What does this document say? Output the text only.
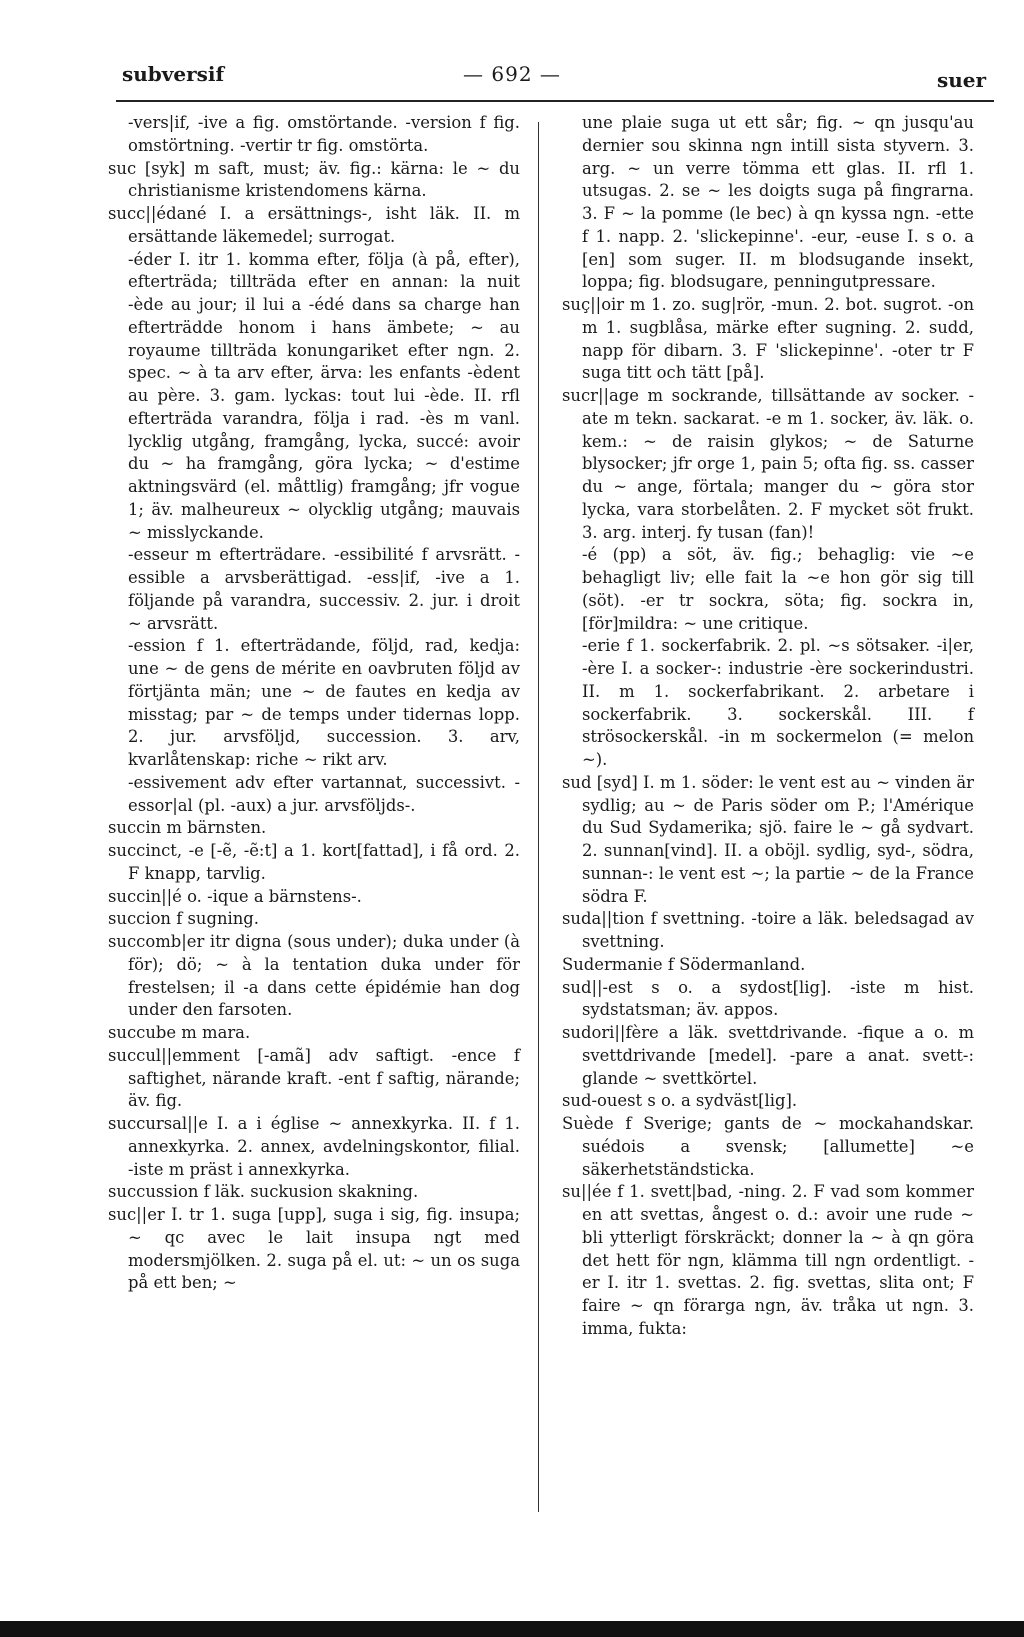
subversif	— 692 —	suer

-vers|if, -ive a fig. omstörtande. -version f fig. omstörtning. -vertir tr fig. omstörta.

suc [syk] m saft, must; äv. fig.: kärna: le ~ du christianisme kristendomens kärna.

succ||édané I. a ersättnings-, isht läk. II. m ersättande läkemedel; surrogat.

-éder I. itr 1. komma efter, följa (à på, efter), efterträda; tillträda efter en annan: la nuit -ède au jour; il lui a -édé dans sa charge han efterträdde honom i hans ämbete; ~ au royaume tillträda konungariket efter ngn. 2. spec. ~ à ta arv efter, ärva: les enfants -èdent au père. 3. gam. lyckas: tout lui -ède. II. rfl efterträda varandra, följa i rad. -ès m vanl. lycklig utgång, framgång, lycka, succé: avoir du ~ ha framgång, göra lycka; ~ d'estime aktningsvärd (el. måttlig) framgång; jfr vogue 1; äv. malheureux ~ olycklig utgång; mauvais ~ misslyckande.

-esseur m efterträdare. -essibilité f arvsrätt. -essible a arvsberättigad. -ess|if, -ive a 1. följande på varandra, successiv. 2. jur. i droit ~ arvsrätt.

-ession f 1. efterträdande, följd, rad, kedja: une ~ de gens de mérite en oavbruten följd av förtjänta män; une ~ de fautes en kedja av misstag; par ~ de temps under tidernas lopp. 2. jur. arvsföljd, succession. 3. arv, kvarlåtenskap: riche ~ rikt arv.

-essivement adv efter vartannat, successivt. -essor|al (pl. -aux) a jur. arvsföljds-.

succin m bärnsten.

succinct, -e [-ẽ, -ẽ:t] a 1. kort[fattad], i få ord. 2. F knapp, tarvlig.

succin||é o. -ique a bärnstens-.

succion f sugning.

succomb|er itr digna (sous under); duka under (à för); dö; ~ à la tentation duka under för frestelsen; il -a dans cette épidémie han dog under den farsoten.

succube m mara.

succul||emment [-amã] adv saftigt. -ence f saftighet, närande kraft. -ent f saftig, närande; äv. fig.

succursal||e I. a i église ~ annexkyrka. II. f 1. annexkyrka. 2. annex, avdelningskontor, filial. -iste m präst i annexkyrka.

succussion f läk. suckusion skakning.

suc||er I. tr 1. suga [upp], suga i sig, fig. insupa; ~ qc avec le lait insupa ngt med modersmjölken. 2. suga på el. ut: ~ un os suga på ett ben; ~

une plaie suga ut ett sår; fig. ~ qn jusqu'au dernier sou skinna ngn intill sista styvern. 3. arg. ~ un verre tömma ett glas. II. rfl 1. utsugas. 2. se ~ les doigts suga på fingrarna. 3. F ~ la pomme (le bec) à qn kyssa ngn. -ette f 1. napp. 2. 'slickepinne'. -eur, -euse I. s o. a [en] som suger. II. m blodsugande insekt, loppa; fig. blodsugare, penningutpressare.

suç||oir m 1. zo. sug|rör, -mun. 2. bot. sugrot. -on m 1. sugblåsa, märke efter sugning. 2. sudd, napp för dibarn. 3. F 'slickepinne'. -oter tr F suga titt och tätt [på].

sucr||age m sockrande, tillsättande av socker. -ate m tekn. sackarat. -e m 1. socker, äv. läk. o. kem.: ~ de raisin glykos; ~ de Saturne blysocker; jfr orge 1, pain 5; ofta fig. ss. casser du ~ ange, förtala; manger du ~ göra stor lycka, vara storbelåten. 2. F mycket söt frukt. 3. arg. interj. fy tusan (fan)!

-é (pp) a söt, äv. fig.; behaglig: vie ~e behagligt liv; elle fait la ~e hon gör sig till (söt). -er tr sockra, söta; fig. sockra in, [för]mildra: ~ une critique.

-erie f 1. sockerfabrik. 2. pl. ~s sötsaker. -i|er, -ère I. a socker-: industrie -ère sockerindustri. II. m 1. sockerfabrikant. 2. arbetare i sockerfabrik. 3. sockerskål. III. f strösockerskål. -in m sockermelon (= melon ~).

sud [syd] I. m 1. söder: le vent est au ~ vinden är sydlig; au ~ de Paris söder om P.; l'Amérique du Sud Sydamerika; sjö. faire le ~ gå sydvart. 2. sunnan[vind]. II. a oböjl. sydlig, syd-, södra, sunnan-: le vent est ~; la partie ~ de la France södra F.

suda||tion f svettning. -toire a läk. beledsagad av svettning.

Sudermanie f Södermanland.

sud||-est s o. a sydost[lig]. -iste m hist. sydstatsman; äv. appos.

sudori||fère a läk. svettdrivande. -fique a o. m svettdrivande [medel]. -pare a anat. svett-: glande ~ svettkörtel.

sud-ouest s o. a sydväst[lig].

Suède f Sverige; gants de ~ mockahandskar. suédois a svensk; [allumette] ~e säkerhetständsticka.

su||ée f 1. svett|bad, -ning. 2. F vad som kommer en att svettas, ångest o. d.: avoir une rude ~ bli ytterligt förskräckt; donner la ~ à qn göra det hett för ngn, klämma till ngn ordentligt. -er I. itr 1. svettas. 2. fig. svettas, slita ont; F faire ~ qn förarga ngn, äv. tråka ut ngn. 3. imma, fukta:
